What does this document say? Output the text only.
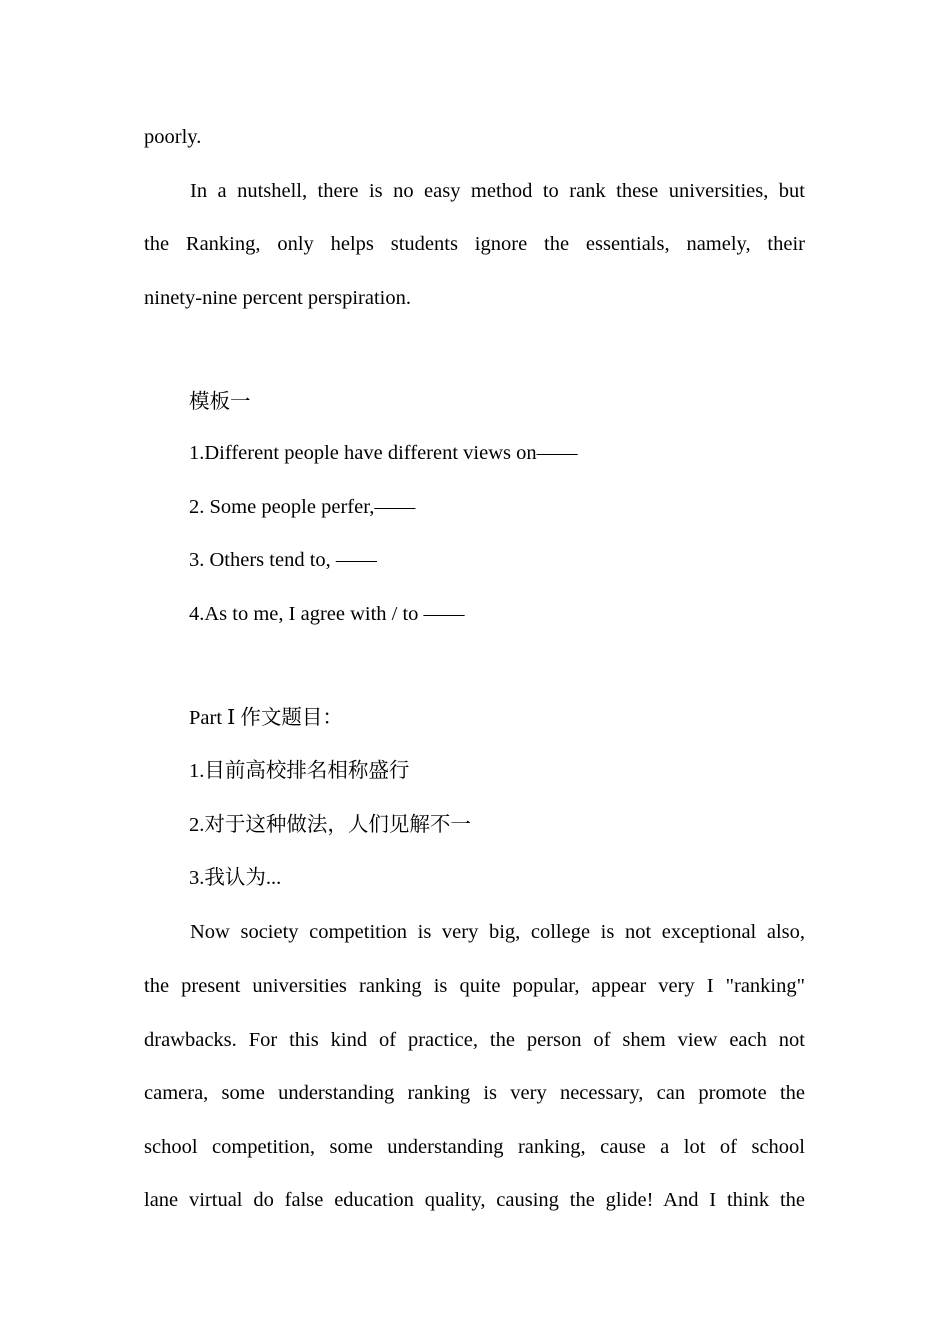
poorly.
In a nutshell, there is no easy method to rank these universities, but
the Ranking, only helps students ignore the essentials, namely, their
ninety-nine percent perspiration.
模板一
1.Different people have different views on——
2. Some people perfer,——
3. Others tend to, ——
4.As to me, I agree with / to ——
Part Ⅰ 作文题目：
1.目前高校排名相称盛行
2.对于这种做法，人们见解不一
3.我认为...
Now society competition is very big, college is not exceptional also,
the present universities ranking is quite popular, appear very I "ranking"
drawbacks. For this kind of practice, the person of shem view each not
camera, some understanding ranking is very necessary, can promote the
school competition, some understanding ranking, cause a lot of school
lane virtual do false education quality, causing the glide! And I think the
